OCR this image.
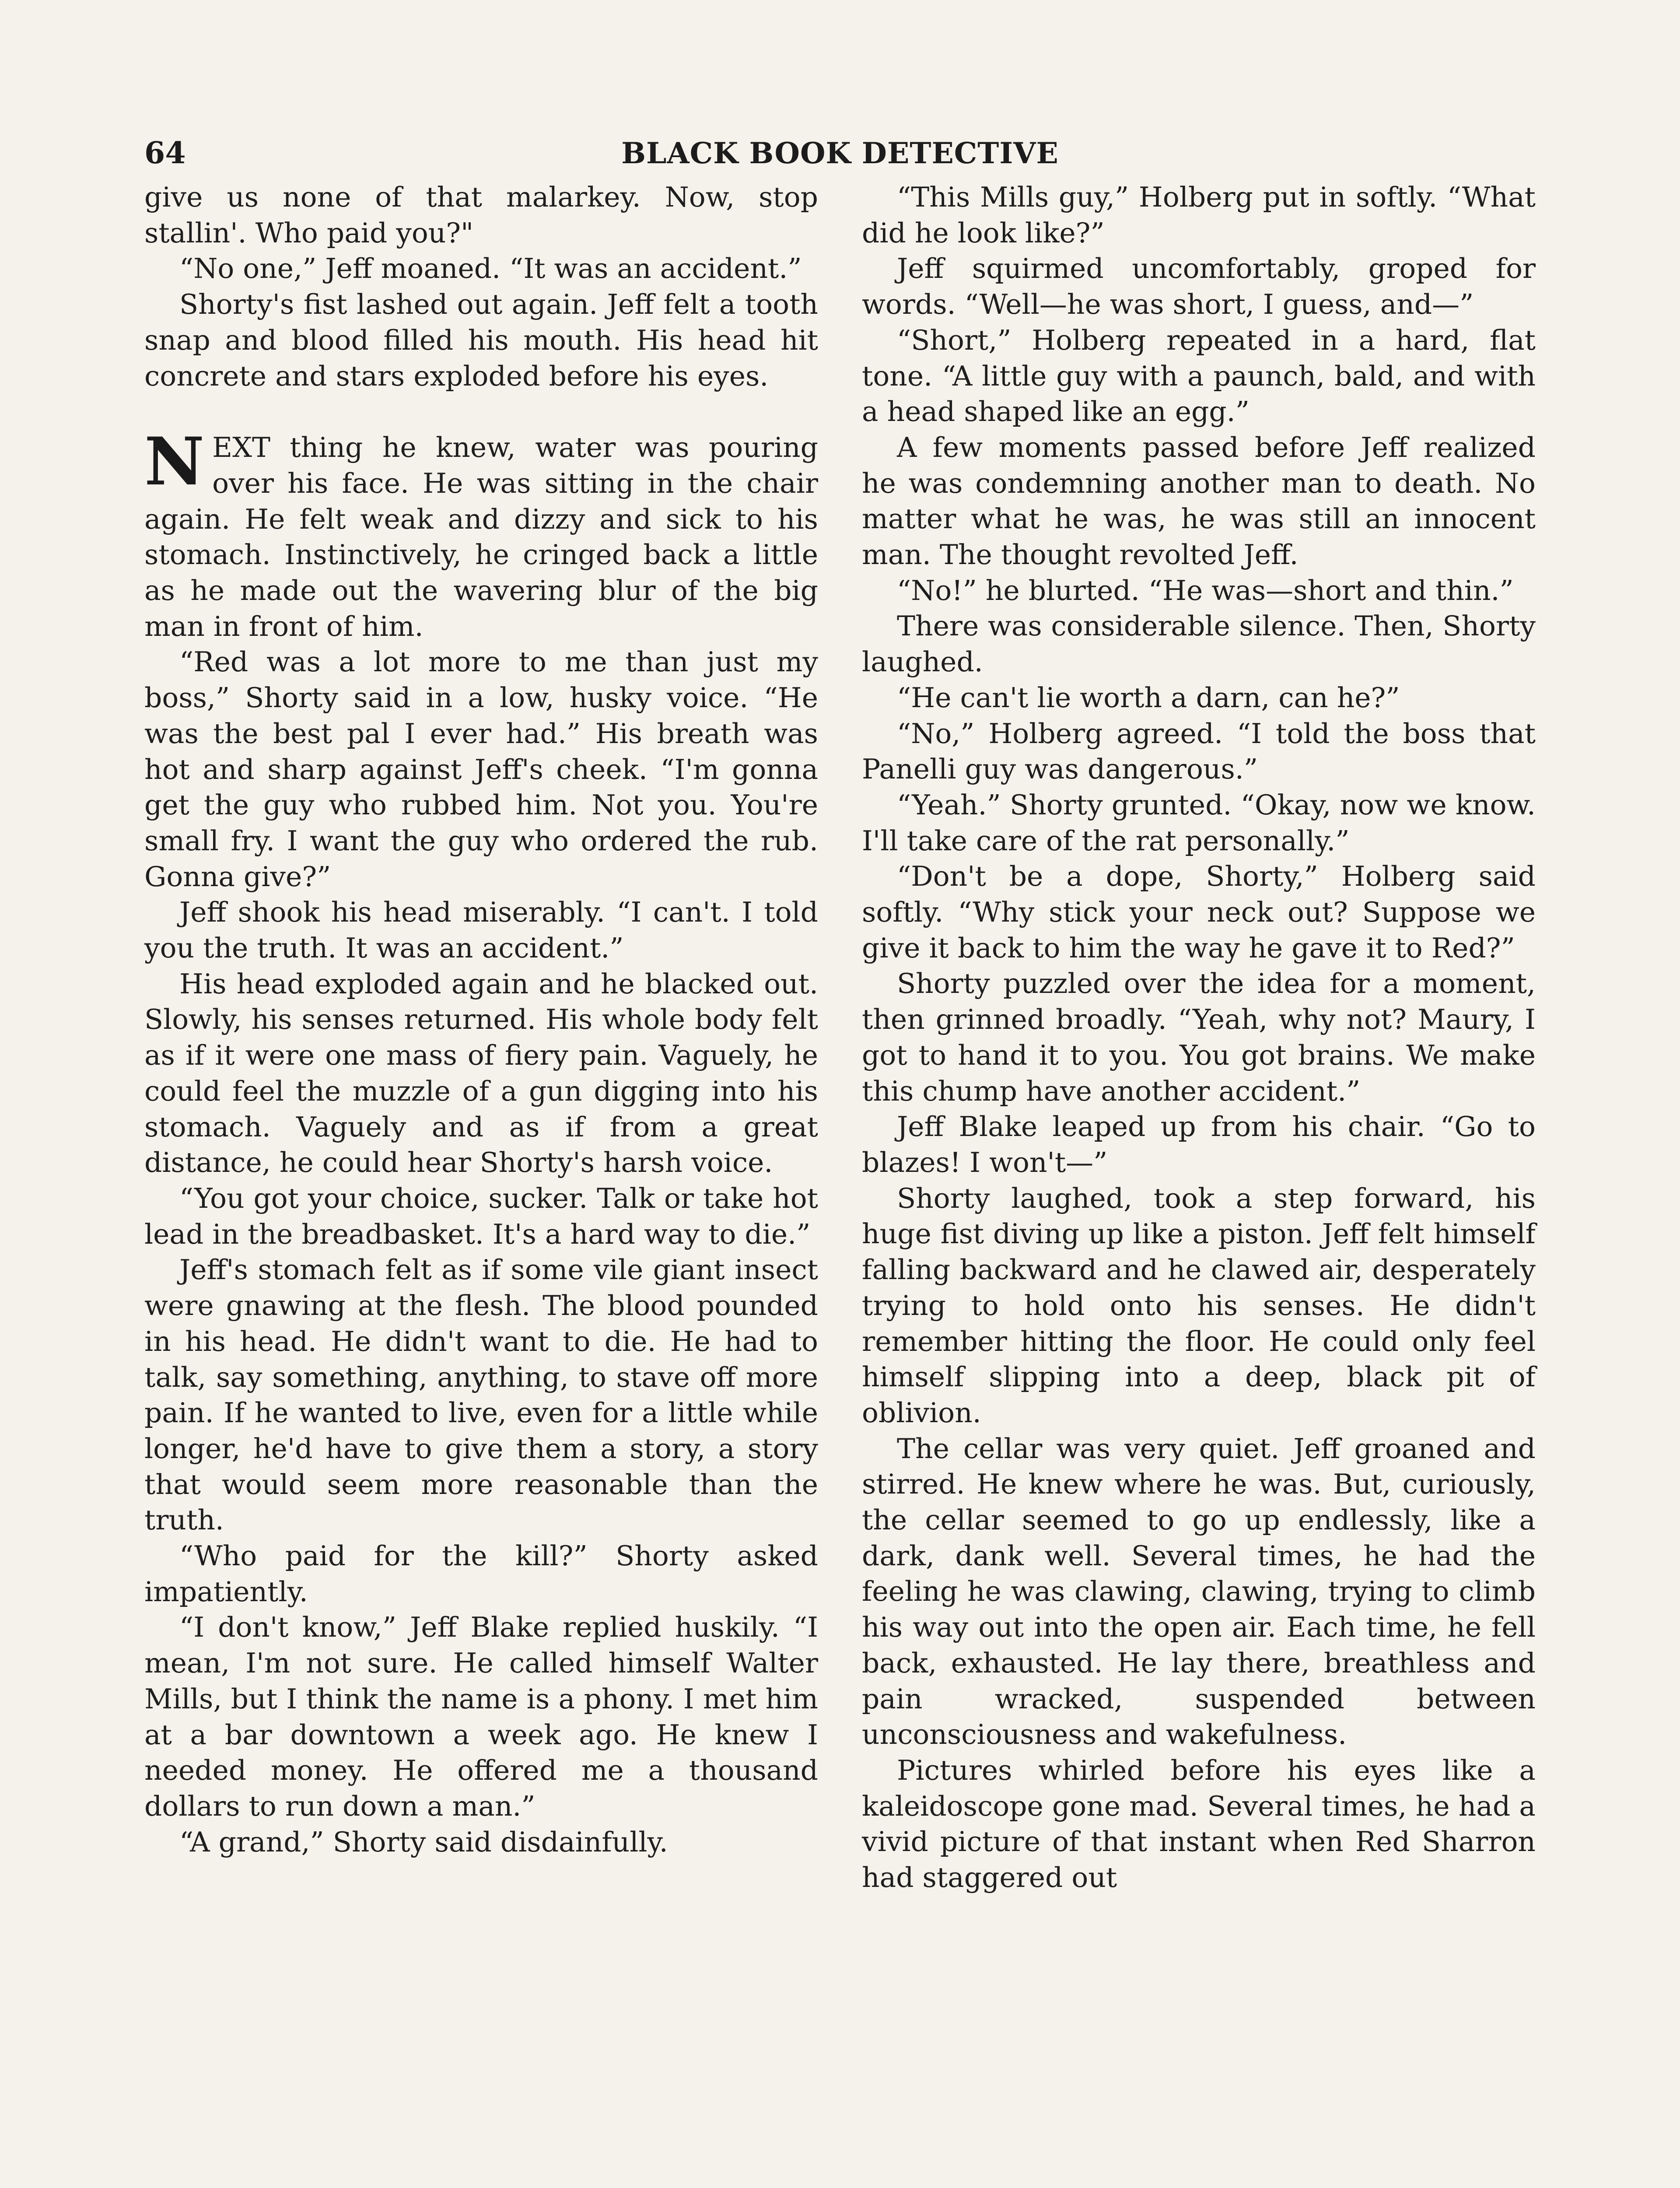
64	BLACK BOOK DETECTIVE

give us none of that malarkey. Now, stop stallin'. Who paid you?"

“No one,” Jeff moaned. “It was an accident.”

Shorty's fist lashed out again. Jeff felt a tooth snap and blood filled his mouth. His head hit concrete and stars exploded before his eyes.

NEXT thing he knew, water was pouring over his face. He was sitting in the chair again. He felt weak and dizzy and sick to his stomach. Instinctively, he cringed back a little as he made out the wavering blur of the big man in front of him.

“Red was a lot more to me than just my boss,” Shorty said in a low, husky voice. “He was the best pal I ever had.” His breath was hot and sharp against Jeff's cheek. “I'm gonna get the guy who rubbed him. Not you. You're small fry. I want the guy who ordered the rub. Gonna give?”

Jeff shook his head miserably. “I can't. I told you the truth. It was an accident.”

His head exploded again and he blacked out. Slowly, his senses returned. His whole body felt as if it were one mass of fiery pain. Vaguely, he could feel the muzzle of a gun digging into his stomach. Vaguely and as if from a great distance, he could hear Shorty's harsh voice.

“You got your choice, sucker. Talk or take hot lead in the breadbasket. It's a hard way to die.”

Jeff's stomach felt as if some vile giant insect were gnawing at the flesh. The blood pounded in his head. He didn't want to die. He had to talk, say something, anything, to stave off more pain. If he wanted to live, even for a little while longer, he'd have to give them a story, a story that would seem more reasonable than the truth.

“Who paid for the kill?” Shorty asked impatiently.

“I don't know,” Jeff Blake replied huskily. “I mean, I'm not sure. He called himself Walter Mills, but I think the name is a phony. I met him at a bar downtown a week ago. He knew I needed money. He offered me a thousand dollars to run down a man.”

“A grand,” Shorty said disdainfully.

“This Mills guy,” Holberg put in softly. “What did he look like?”

Jeff squirmed uncomfortably, groped for words. “Well—he was short, I guess, and—”

“Short,” Holberg repeated in a hard, flat tone. “A little guy with a paunch, bald, and with a head shaped like an egg.”

A few moments passed before Jeff realized he was condemning another man to death. No matter what he was, he was still an innocent man. The thought revolted Jeff.

“No!” he blurted. “He was—short and thin.”

There was considerable silence. Then, Shorty laughed.

“He can't lie worth a darn, can he?”

“No,” Holberg agreed. “I told the boss that Panelli guy was dangerous.”

“Yeah.” Shorty grunted. “Okay, now we know. I'll take care of the rat personally.”

“Don't be a dope, Shorty,” Holberg said softly. “Why stick your neck out? Suppose we give it back to him the way he gave it to Red?”

Shorty puzzled over the idea for a moment, then grinned broadly. “Yeah, why not? Maury, I got to hand it to you. You got brains. We make this chump have another accident.”

Jeff Blake leaped up from his chair. “Go to blazes! I won't—”

Shorty laughed, took a step forward, his huge fist diving up like a piston. Jeff felt himself falling backward and he clawed air, desperately trying to hold onto his senses. He didn't remember hitting the floor. He could only feel himself slipping into a deep, black pit of oblivion.

The cellar was very quiet. Jeff groaned and stirred. He knew where he was. But, curiously, the cellar seemed to go up endlessly, like a dark, dank well. Several times, he had the feeling he was clawing, clawing, trying to climb his way out into the open air. Each time, he fell back, exhausted. He lay there, breathless and pain wracked, suspended between unconsciousness and wakefulness.

Pictures whirled before his eyes like a kaleidoscope gone mad. Several times, he had a vivid picture of that instant when Red Sharron had staggered out
